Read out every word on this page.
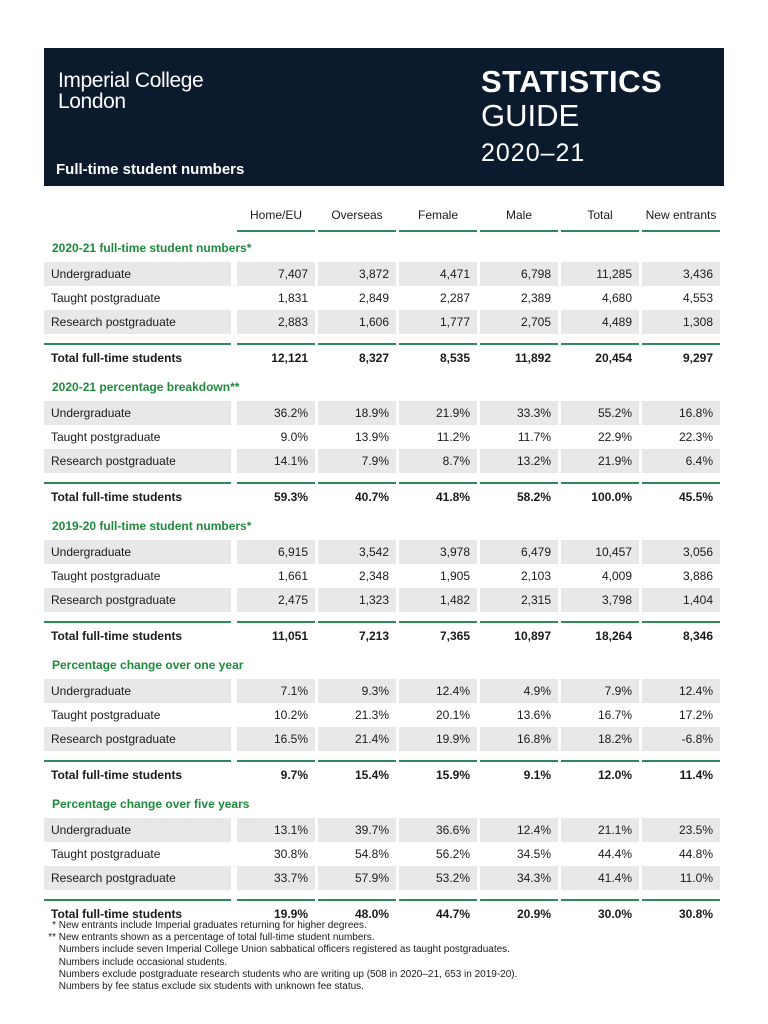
Imperial College
London
Full-time student numbers
STATISTICS
GUIDE
2020–21
Home/EU	Overseas	Female	Male	Total	New entrants
2020-21 full-time student numbers*
Undergraduate	7,407	3,872	4,471	6,798	11,285	3,436
Taught postgraduate	1,831	2,849	2,287	2,389	4,680	4,553
Research postgraduate	2,883	1,606	1,777	2,705	4,489	1,308
Total full-time students	12,121	8,327	8,535	11,892	20,454	9,297
2020-21 percentage breakdown**
Undergraduate	36.2%	18.9%	21.9%	33.3%	55.2%	16.8%
Taught postgraduate	9.0%	13.9%	11.2%	11.7%	22.9%	22.3%
Research postgraduate	14.1%	7.9%	8.7%	13.2%	21.9%	6.4%
Total full-time students	59.3%	40.7%	41.8%	58.2%	100.0%	45.5%
2019-20 full-time student numbers*
Undergraduate	6,915	3,542	3,978	6,479	10,457	3,056
Taught postgraduate	1,661	2,348	1,905	2,103	4,009	3,886
Research postgraduate	2,475	1,323	1,482	2,315	3,798	1,404
Total full-time students	11,051	7,213	7,365	10,897	18,264	8,346
Percentage change over one year
Undergraduate	7.1%	9.3%	12.4%	4.9%	7.9%	12.4%
Taught postgraduate	10.2%	21.3%	20.1%	13.6%	16.7%	17.2%
Research postgraduate	16.5%	21.4%	19.9%	16.8%	18.2%	-6.8%
Total full-time students	9.7%	15.4%	15.9%	9.1%	12.0%	11.4%
Percentage change over five years
Undergraduate	13.1%	39.7%	36.6%	12.4%	21.1%	23.5%
Taught postgraduate	30.8%	54.8%	56.2%	34.5%	44.4%	44.8%
Research postgraduate	33.7%	57.9%	53.2%	34.3%	41.4%	11.0%
Total full-time students	19.9%	48.0%	44.7%	20.9%	30.0%	30.8%
* New entrants include Imperial graduates returning for higher degrees.
** New entrants shown as a percentage of total full-time student numbers.
Numbers include seven Imperial College Union sabbatical officers registered as taught postgraduates.
Numbers include occasional students.
Numbers exclude postgraduate research students who are writing up (508 in 2020–21, 653 in 2019-20).
Numbers by fee status exclude six students with unknown fee status.
